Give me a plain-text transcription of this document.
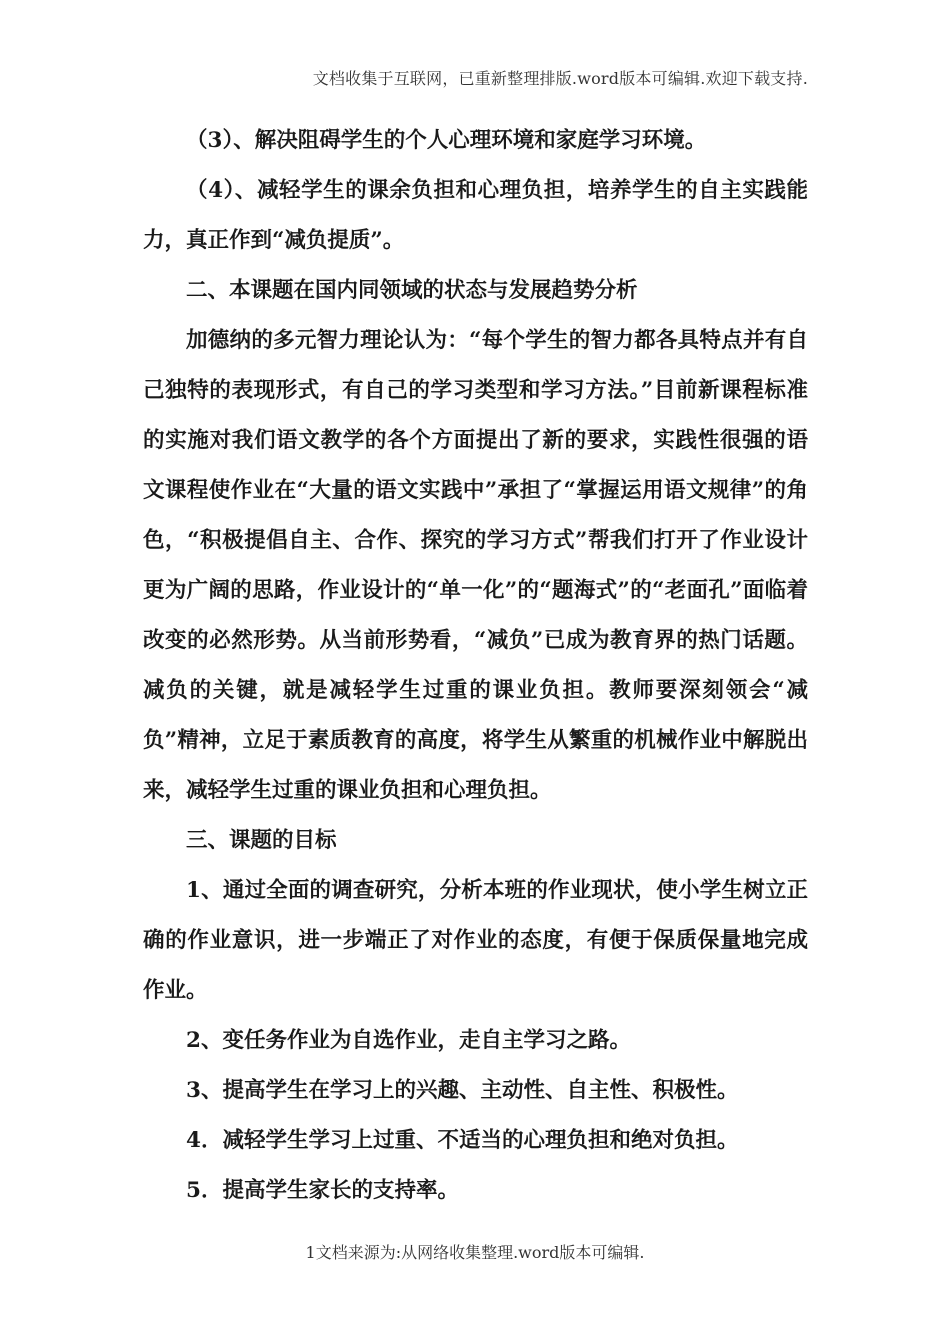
文档收集于互联网，已重新整理排版.word版本可编辑.欢迎下载支持.

（3）、解决阻碍学生的个人心理环境和家庭学习环境。

（4）、减轻学生的课余负担和心理负担，培养学生的自主实践能力，真正作到“减负提质”。

二、本课题在国内同领域的状态与发展趋势分析

加德纳的多元智力理论认为：“每个学生的智力都各具特点并有自己独特的表现形式，有自己的学习类型和学习方法。”目前新课程标准的实施对我们语文教学的各个方面提出了新的要求，实践性很强的语文课程使作业在“大量的语文实践中”承担了“掌握运用语文规律”的角色，“积极提倡自主、合作、探究的学习方式”帮我们打开了作业设计更为广阔的思路，作业设计的“单一化”的“题海式”的“老面孔”面临着改变的必然形势。从当前形势看，“减负”已成为教育界的热门话题。减负的关键，就是减轻学生过重的课业负担。教师要深刻领会“减负”精神，立足于素质教育的高度，将学生从繁重的机械作业中解脱出来，减轻学生过重的课业负担和心理负担。

三、课题的目标

1、通过全面的调查研究，分析本班的作业现状，使小学生树立正确的作业意识，进一步端正了对作业的态度，有便于保质保量地完成作业。

2、变任务作业为自选作业，走自主学习之路。

3、提高学生在学习上的兴趣、主动性、自主性、积极性。

4．减轻学生学习上过重、不适当的心理负担和绝对负担。

5．提高学生家长的支持率。

1文档来源为:从网络收集整理.word版本可编辑.
